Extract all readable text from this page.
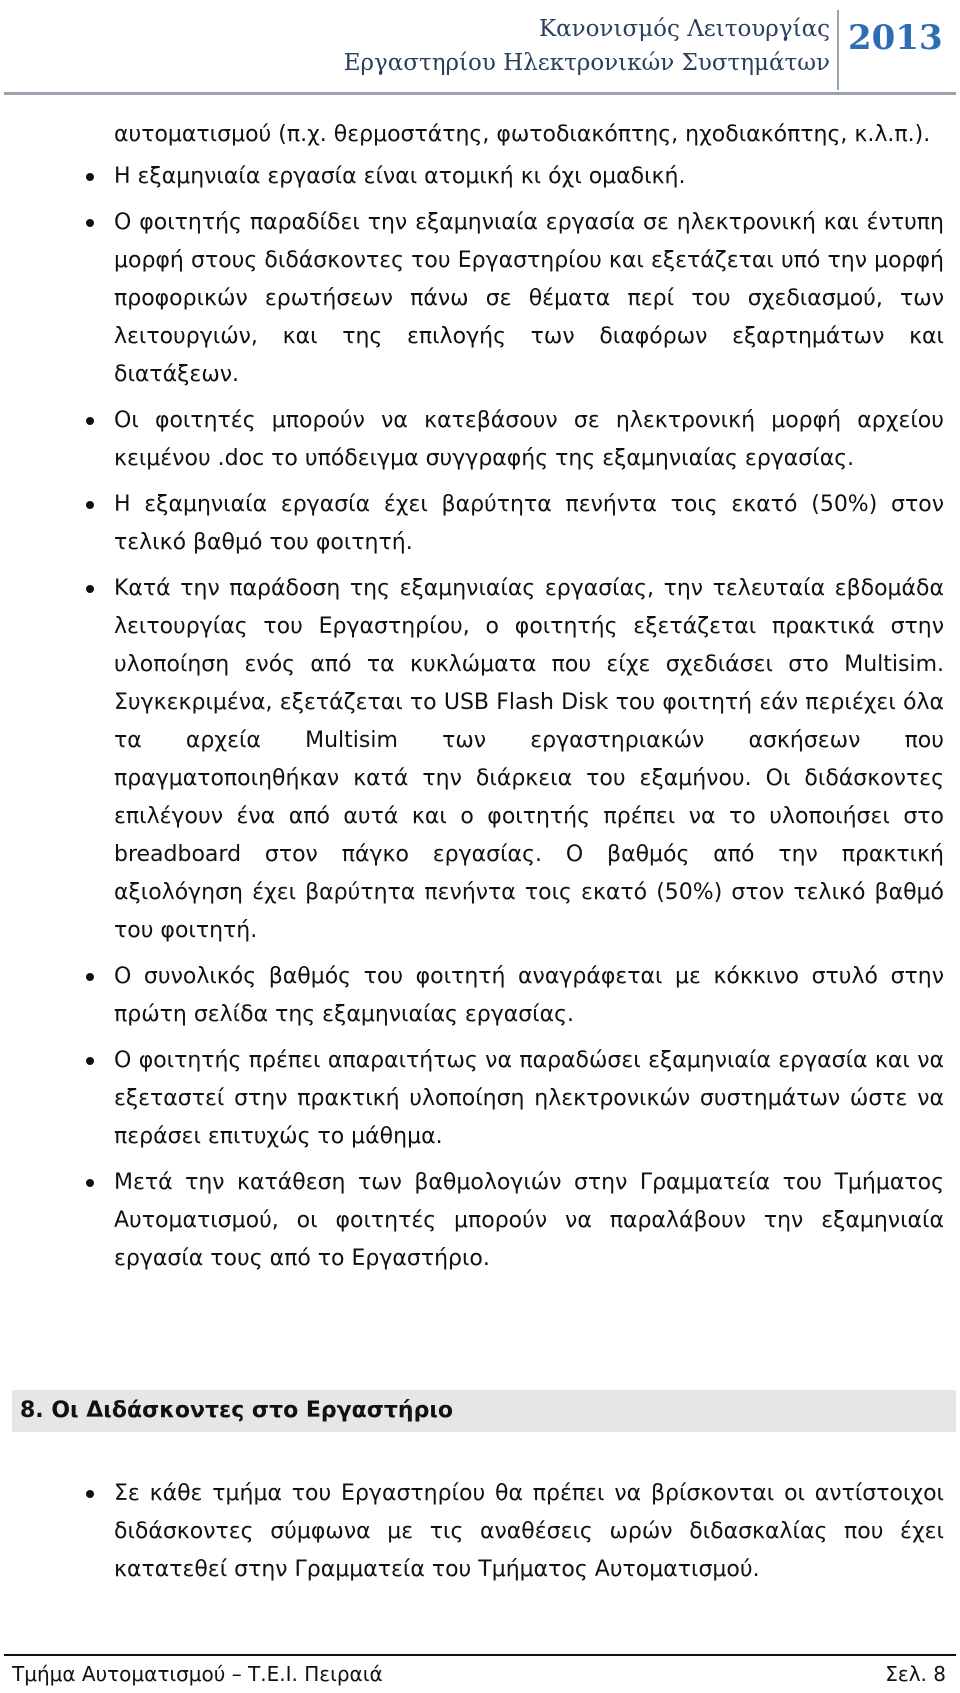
Κανονισμός Λειτουργίας
Εργαστηρίου Ηλεκτρονικών Συστημάτων
2013
αυτοματισμού (π.χ. θερμοστάτης, φωτοδιακόπτης, ηχοδιακόπτης, κ.λ.π.).
Η εξαμηνιαία εργασία είναι ατομική κι όχι ομαδική.
Ο φοιτητής παραδίδει την εξαμηνιαία εργασία σε ηλεκτρονική και έντυπη μορφή στους διδάσκοντες του Εργαστηρίου και εξετάζεται υπό την μορφή προφορικών ερωτήσεων πάνω σε θέματα περί του σχεδιασμού, των λειτουργιών, και της επιλογής των διαφόρων εξαρτημάτων και διατάξεων.
Οι φοιτητές μπορούν να κατεβάσουν σε ηλεκτρονική μορφή αρχείου κειμένου .doc το υπόδειγμα συγγραφής της εξαμηνιαίας εργασίας.
Η εξαμηνιαία εργασία έχει βαρύτητα πενήντα τοις εκατό (50%) στον τελικό βαθμό του φοιτητή.
Κατά την παράδοση της εξαμηνιαίας εργασίας, την τελευταία εβδομάδα λειτουργίας του Εργαστηρίου, ο φοιτητής εξετάζεται πρακτικά στην υλοποίηση ενός από τα κυκλώματα που είχε σχεδιάσει στο Multisim. Συγκεκριμένα, εξετάζεται το USB Flash Disk του φοιτητή εάν περιέχει όλα τα αρχεία Multisim των εργαστηριακών ασκήσεων που πραγματοποιηθήκαν κατά την διάρκεια του εξαμήνου. Οι διδάσκοντες επιλέγουν ένα από αυτά και ο φοιτητής πρέπει να το υλοποιήσει στο breadboard στον πάγκο εργασίας. Ο βαθμός από την πρακτική αξιολόγηση έχει βαρύτητα πενήντα τοις εκατό (50%) στον τελικό βαθμό του φοιτητή.
Ο συνολικός βαθμός του φοιτητή αναγράφεται με κόκκινο στυλό στην πρώτη σελίδα της εξαμηνιαίας εργασίας.
Ο φοιτητής πρέπει απαραιτήτως να παραδώσει εξαμηνιαία εργασία και να εξεταστεί στην πρακτική υλοποίηση ηλεκτρονικών συστημάτων ώστε να περάσει επιτυχώς το μάθημα.
Μετά την κατάθεση των βαθμολογιών στην Γραμματεία του Τμήματος Αυτοματισμού, οι φοιτητές μπορούν να παραλάβουν την εξαμηνιαία εργασία τους από το Εργαστήριο.
8. Οι Διδάσκοντες στο Εργαστήριο
Σε κάθε τμήμα του Εργαστηρίου θα πρέπει να βρίσκονται οι αντίστοιχοι διδάσκοντες σύμφωνα με τις αναθέσεις ωρών διδασκαλίας που έχει κατατεθεί στην Γραμματεία του Τμήματος Αυτοματισμού.
Τμήμα Αυτοματισμού – Τ.Ε.Ι. Πειραιά	Σελ. 8
